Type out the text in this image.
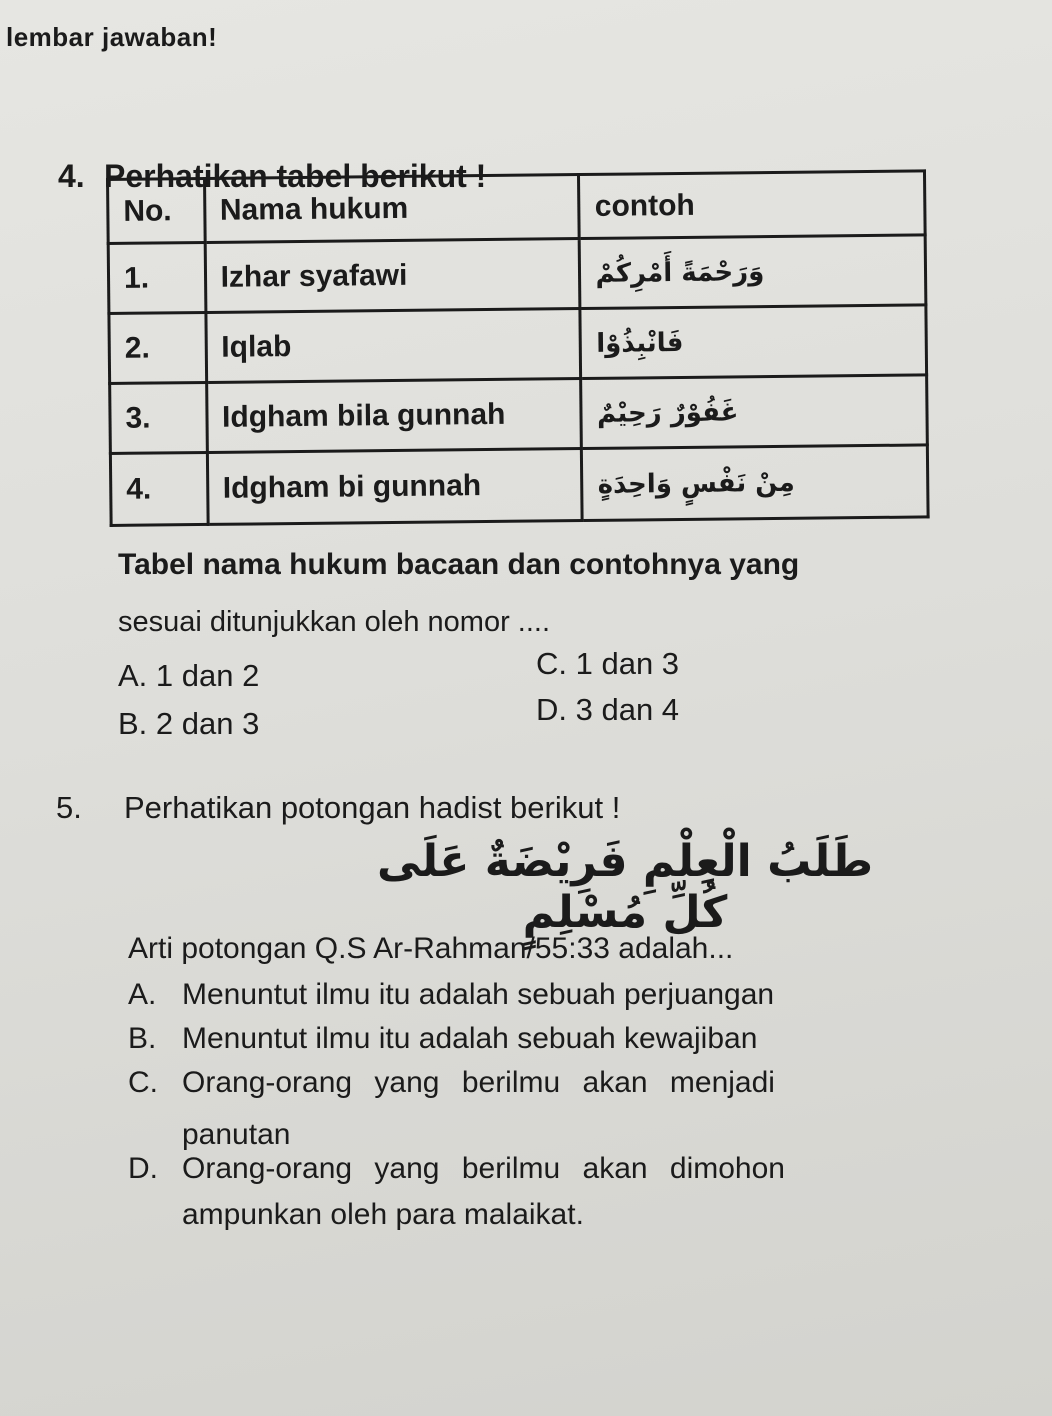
lembar jawaban!
4. Perhatikan tabel berikut !
No.	Nama hukum	contoh
1.	Izhar syafawi	وَرَحْمَةً أَمْرِكُمْ
2.	Iqlab	فَانْبِذُوْا
3.	Idgham bila gunnah	غَفُوْرٌ رَحِيْمٌ
4.	Idgham bi gunnah	مِنْ نَفْسٍ وَاحِدَةٍ
Tabel nama hukum bacaan dan contohnya yang
sesuai ditunjukkan oleh nomor ....
A. 1 dan 2	C. 1 dan 3
B. 2 dan 3	D. 3 dan 4
5. Perhatikan potongan hadist berikut !
طَلَبُ الْعِلْمِ فَرِيْضَةٌ عَلَى كُلِّ مُسْلِمٍ
Arti potongan Q.S Ar-Rahman/55:33 adalah...
A. Menuntut ilmu itu adalah sebuah perjuangan
B. Menuntut ilmu itu adalah sebuah kewajiban
C. Orang-orang yang berilmu akan menjadi
panutan
D. Orang-orang yang berilmu akan dimohon
ampunkan oleh para malaikat.
